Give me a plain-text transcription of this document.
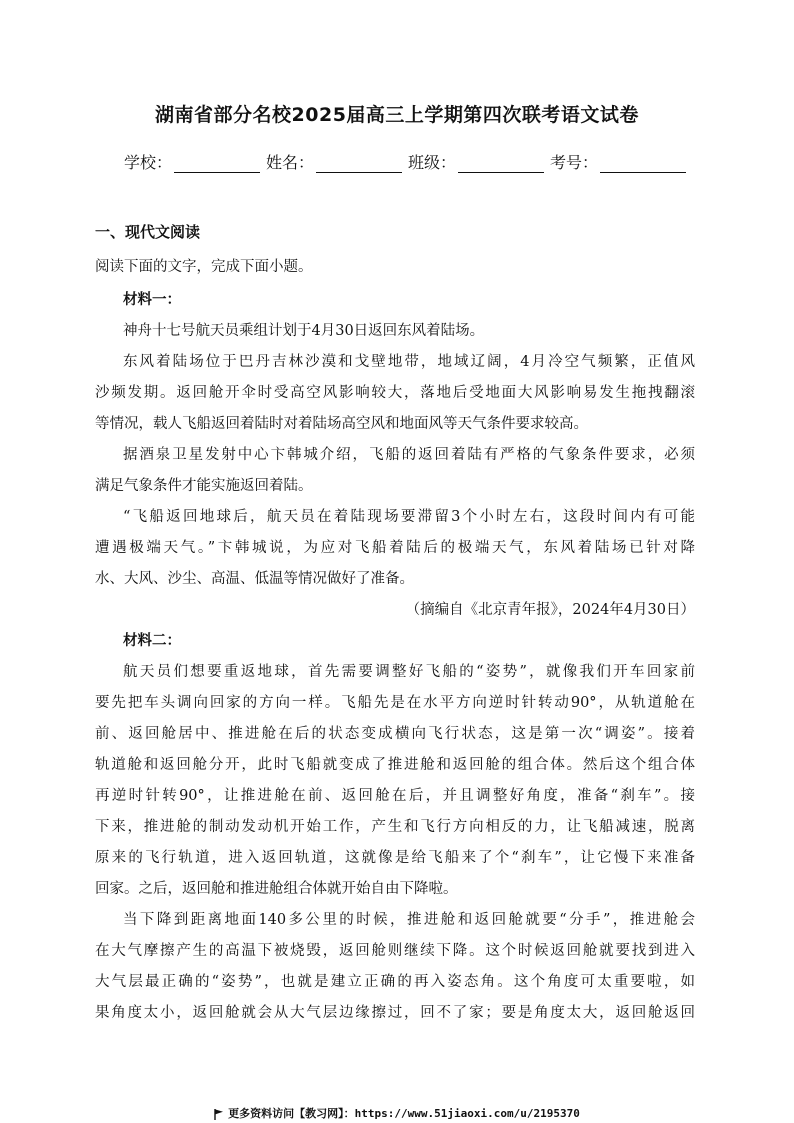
湖南省部分名校2025届高三上学期第四次联考语文试卷
学校：	姓名：	班级：	考号：
一、现代文阅读
阅读下面的文字，完成下面小题。
材料一：
神舟十七号航天员乘组计划于4月30日返回东风着陆场。
东风着陆场位于巴丹吉林沙漠和戈壁地带，地域辽阔，4月冷空气频繁，正值风
沙频发期。返回舱开伞时受高空风影响较大，落地后受地面大风影响易发生拖拽翻滚
等情况，载人飞船返回着陆时对着陆场高空风和地面风等天气条件要求较高。
据酒泉卫星发射中心卞韩城介绍，飞船的返回着陆有严格的气象条件要求，必须
满足气象条件才能实施返回着陆。
“飞船返回地球后，航天员在着陆现场要滞留3个小时左右，这段时间内有可能
遭遇极端天气。”卞韩城说，为应对飞船着陆后的极端天气，东风着陆场已针对降
水、大风、沙尘、高温、低温等情况做好了准备。
（摘编自《北京青年报》，2024年4月30日）
材料二：
航天员们想要重返地球，首先需要调整好飞船的“姿势”，就像我们开车回家前
要先把车头调向回家的方向一样。飞船先是在水平方向逆时针转动90°，从轨道舱在
前、返回舱居中、推进舱在后的状态变成横向飞行状态，这是第一次“调姿”。接着
轨道舱和返回舱分开，此时飞船就变成了推进舱和返回舱的组合体。然后这个组合体
再逆时针转90°，让推进舱在前、返回舱在后，并且调整好角度，准备“刹车”。接
下来，推进舱的制动发动机开始工作，产生和飞行方向相反的力，让飞船减速，脱离
原来的飞行轨道，进入返回轨道，这就像是给飞船来了个“刹车”，让它慢下来准备
回家。之后，返回舱和推进舱组合体就开始自由下降啦。
当下降到距离地面140多公里的时候，推进舱和返回舱就要“分手”，推进舱会
在大气摩擦产生的高温下被烧毁，返回舱则继续下降。这个时候返回舱就要找到进入
大气层最正确的“姿势”，也就是建立正确的再入姿态角。这个角度可太重要啦，如
果角度太小，返回舱就会从大气层边缘擦过，回不了家；要是角度太大，返回舱返回
更多资料访问【教习网】：https://www.51jiaoxi.com/u/2195370
